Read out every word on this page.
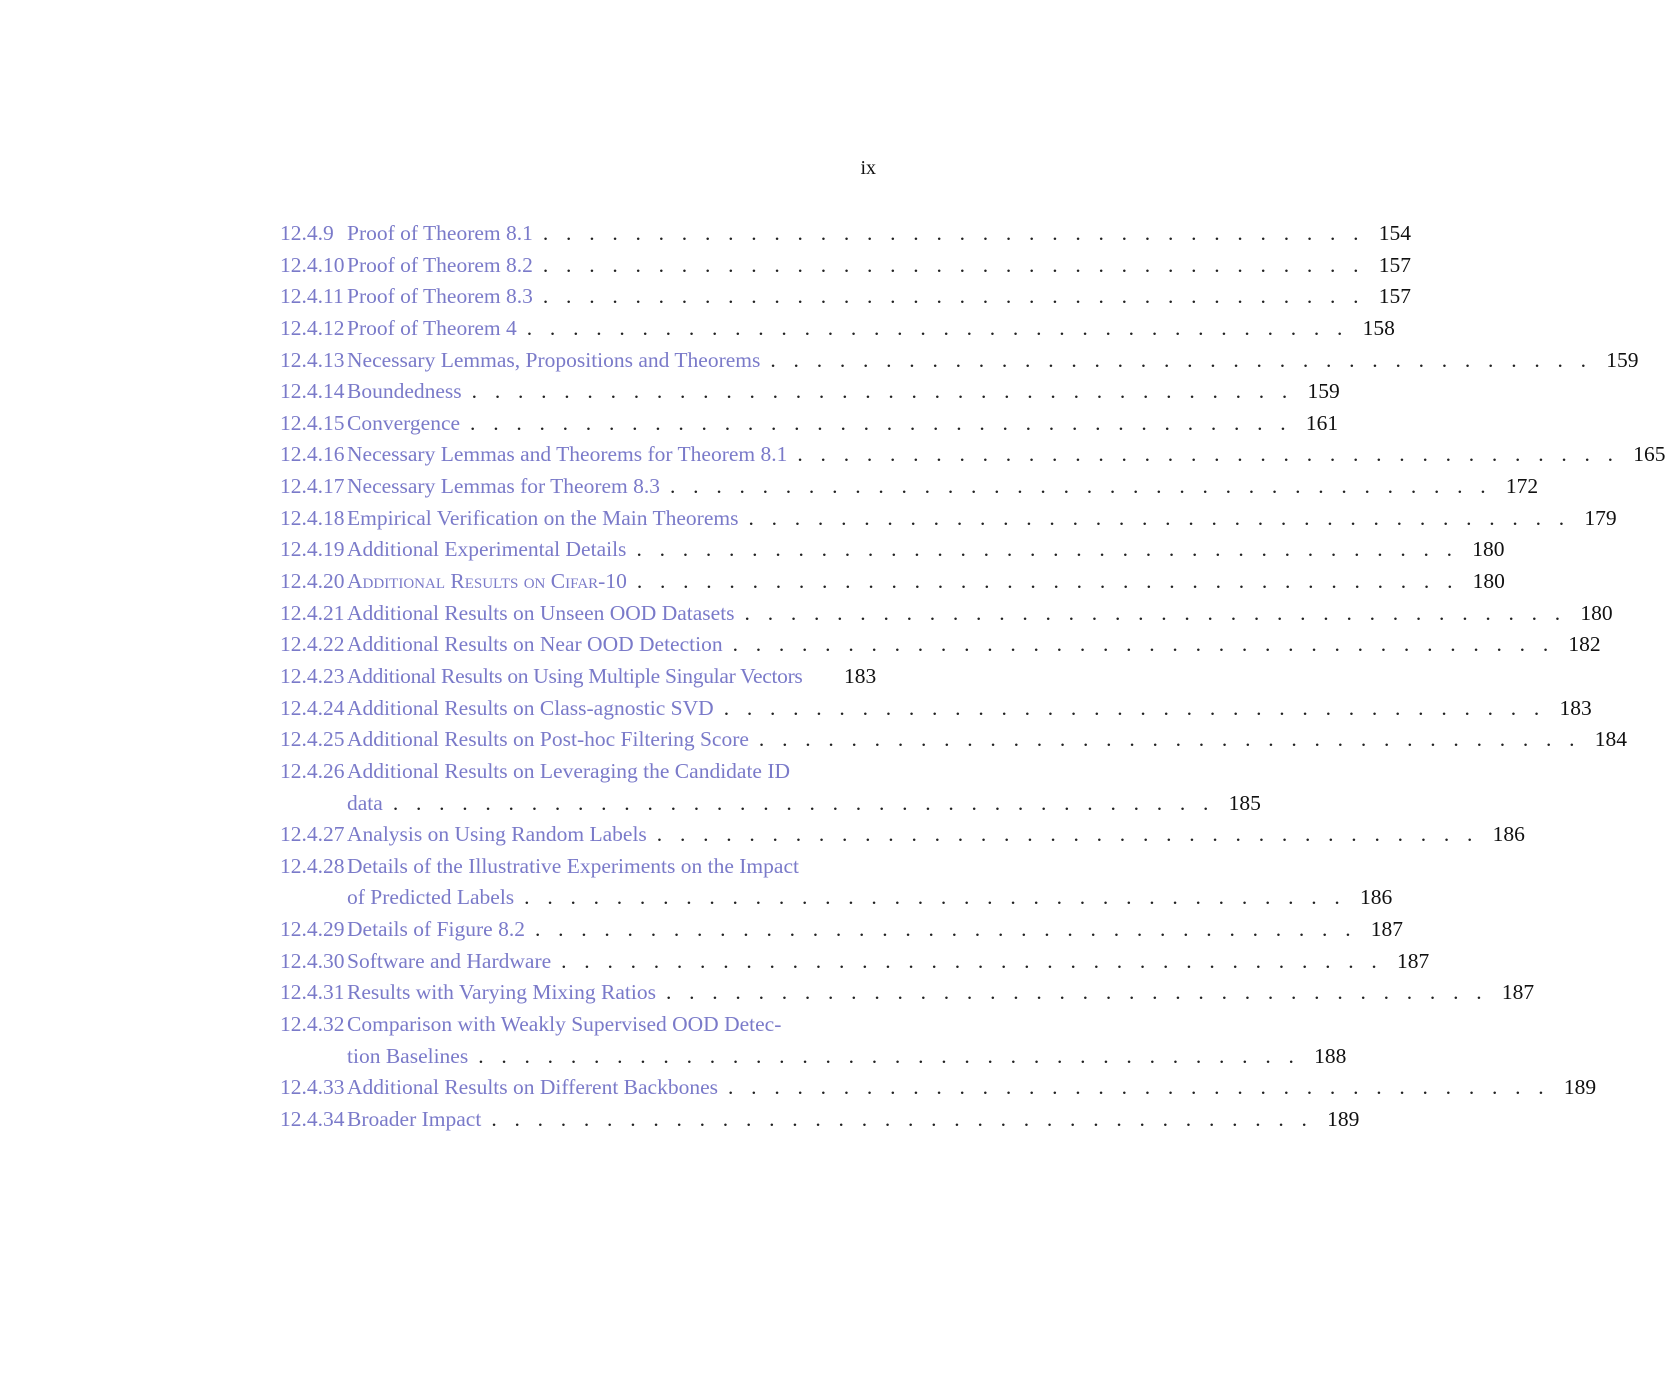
ix
12.4.9 Proof of Theorem 8.1 . . . . . . . . . . . . . . . . . . . . . . . . . . . . . . . . . . . . 154
12.4.10 Proof of Theorem 8.2 . . . . . . . . . . . . . . . . . . . . . . . . . . . . . . . . . . . . 157
12.4.11 Proof of Theorem 8.3 . . . . . . . . . . . . . . . . . . . . . . . . . . . . . . . . . . . . 157
12.4.12 Proof of Theorem 4 . . . . . . . . . . . . . . . . . . . . . . . . . . . . . . . . . . . . 158
12.4.13 Necessary Lemmas, Propositions and Theorems . . . . . . . . . . . . . . . . . . . . . . . . . . . . . . . . . . . . 159
12.4.14 Boundedness . . . . . . . . . . . . . . . . . . . . . . . . . . . . . . . . . . . . 159
12.4.15 Convergence . . . . . . . . . . . . . . . . . . . . . . . . . . . . . . . . . . . . 161
12.4.16 Necessary Lemmas and Theorems for Theorem 8.1 . . . . . . . . . . . . . . . . . . . . . . . . . . . . . . . . . . . . 165
12.4.17 Necessary Lemmas for Theorem 8.3 . . . . . . . . . . . . . . . . . . . . . . . . . . . . . . . . . . . . 172
12.4.18 Empirical Verification on the Main Theorems . . . . . . . . . . . . . . . . . . . . . . . . . . . . . . . . . . . . 179
12.4.19 Additional Experimental Details . . . . . . . . . . . . . . . . . . . . . . . . . . . . . . . . . . . . 180
12.4.20 Additional Results on Cifar-10 . . . . . . . . . . . . . . . . . . . . . . . . . . . . . . . . . . . . 180
12.4.21 Additional Results on Unseen OOD Datasets . . . . . . . . . . . . . . . . . . . . . . . . . . . . . . . . . . . . 180
12.4.22 Additional Results on Near OOD Detection . . . . . . . . . . . . . . . . . . . . . . . . . . . . . . . . . . . . 182
12.4.23 Additional Results on Using Multiple Singular Vectors 183
12.4.24 Additional Results on Class-agnostic SVD . . . . . . . . . . . . . . . . . . . . . . . . . . . . . . . . . . . . 183
12.4.25 Additional Results on Post-hoc Filtering Score . . . . . . . . . . . . . . . . . . . . . . . . . . . . . . . . . . . . 184
12.4.26 Additional Results on Leveraging the Candidate ID
data . . . . . . . . . . . . . . . . . . . . . . . . . . . . . . . . . . . . 185
12.4.27 Analysis on Using Random Labels . . . . . . . . . . . . . . . . . . . . . . . . . . . . . . . . . . . . 186
12.4.28 Details of the Illustrative Experiments on the Impact
of Predicted Labels . . . . . . . . . . . . . . . . . . . . . . . . . . . . . . . . . . . . 186
12.4.29 Details of Figure 8.2 . . . . . . . . . . . . . . . . . . . . . . . . . . . . . . . . . . . . 187
12.4.30 Software and Hardware . . . . . . . . . . . . . . . . . . . . . . . . . . . . . . . . . . . . 187
12.4.31 Results with Varying Mixing Ratios . . . . . . . . . . . . . . . . . . . . . . . . . . . . . . . . . . . . 187
12.4.32 Comparison with Weakly Supervised OOD Detec-
tion Baselines . . . . . . . . . . . . . . . . . . . . . . . . . . . . . . . . . . . . 188
12.4.33 Additional Results on Different Backbones . . . . . . . . . . . . . . . . . . . . . . . . . . . . . . . . . . . . 189
12.4.34 Broader Impact . . . . . . . . . . . . . . . . . . . . . . . . . . . . . . . . . . . . 189
